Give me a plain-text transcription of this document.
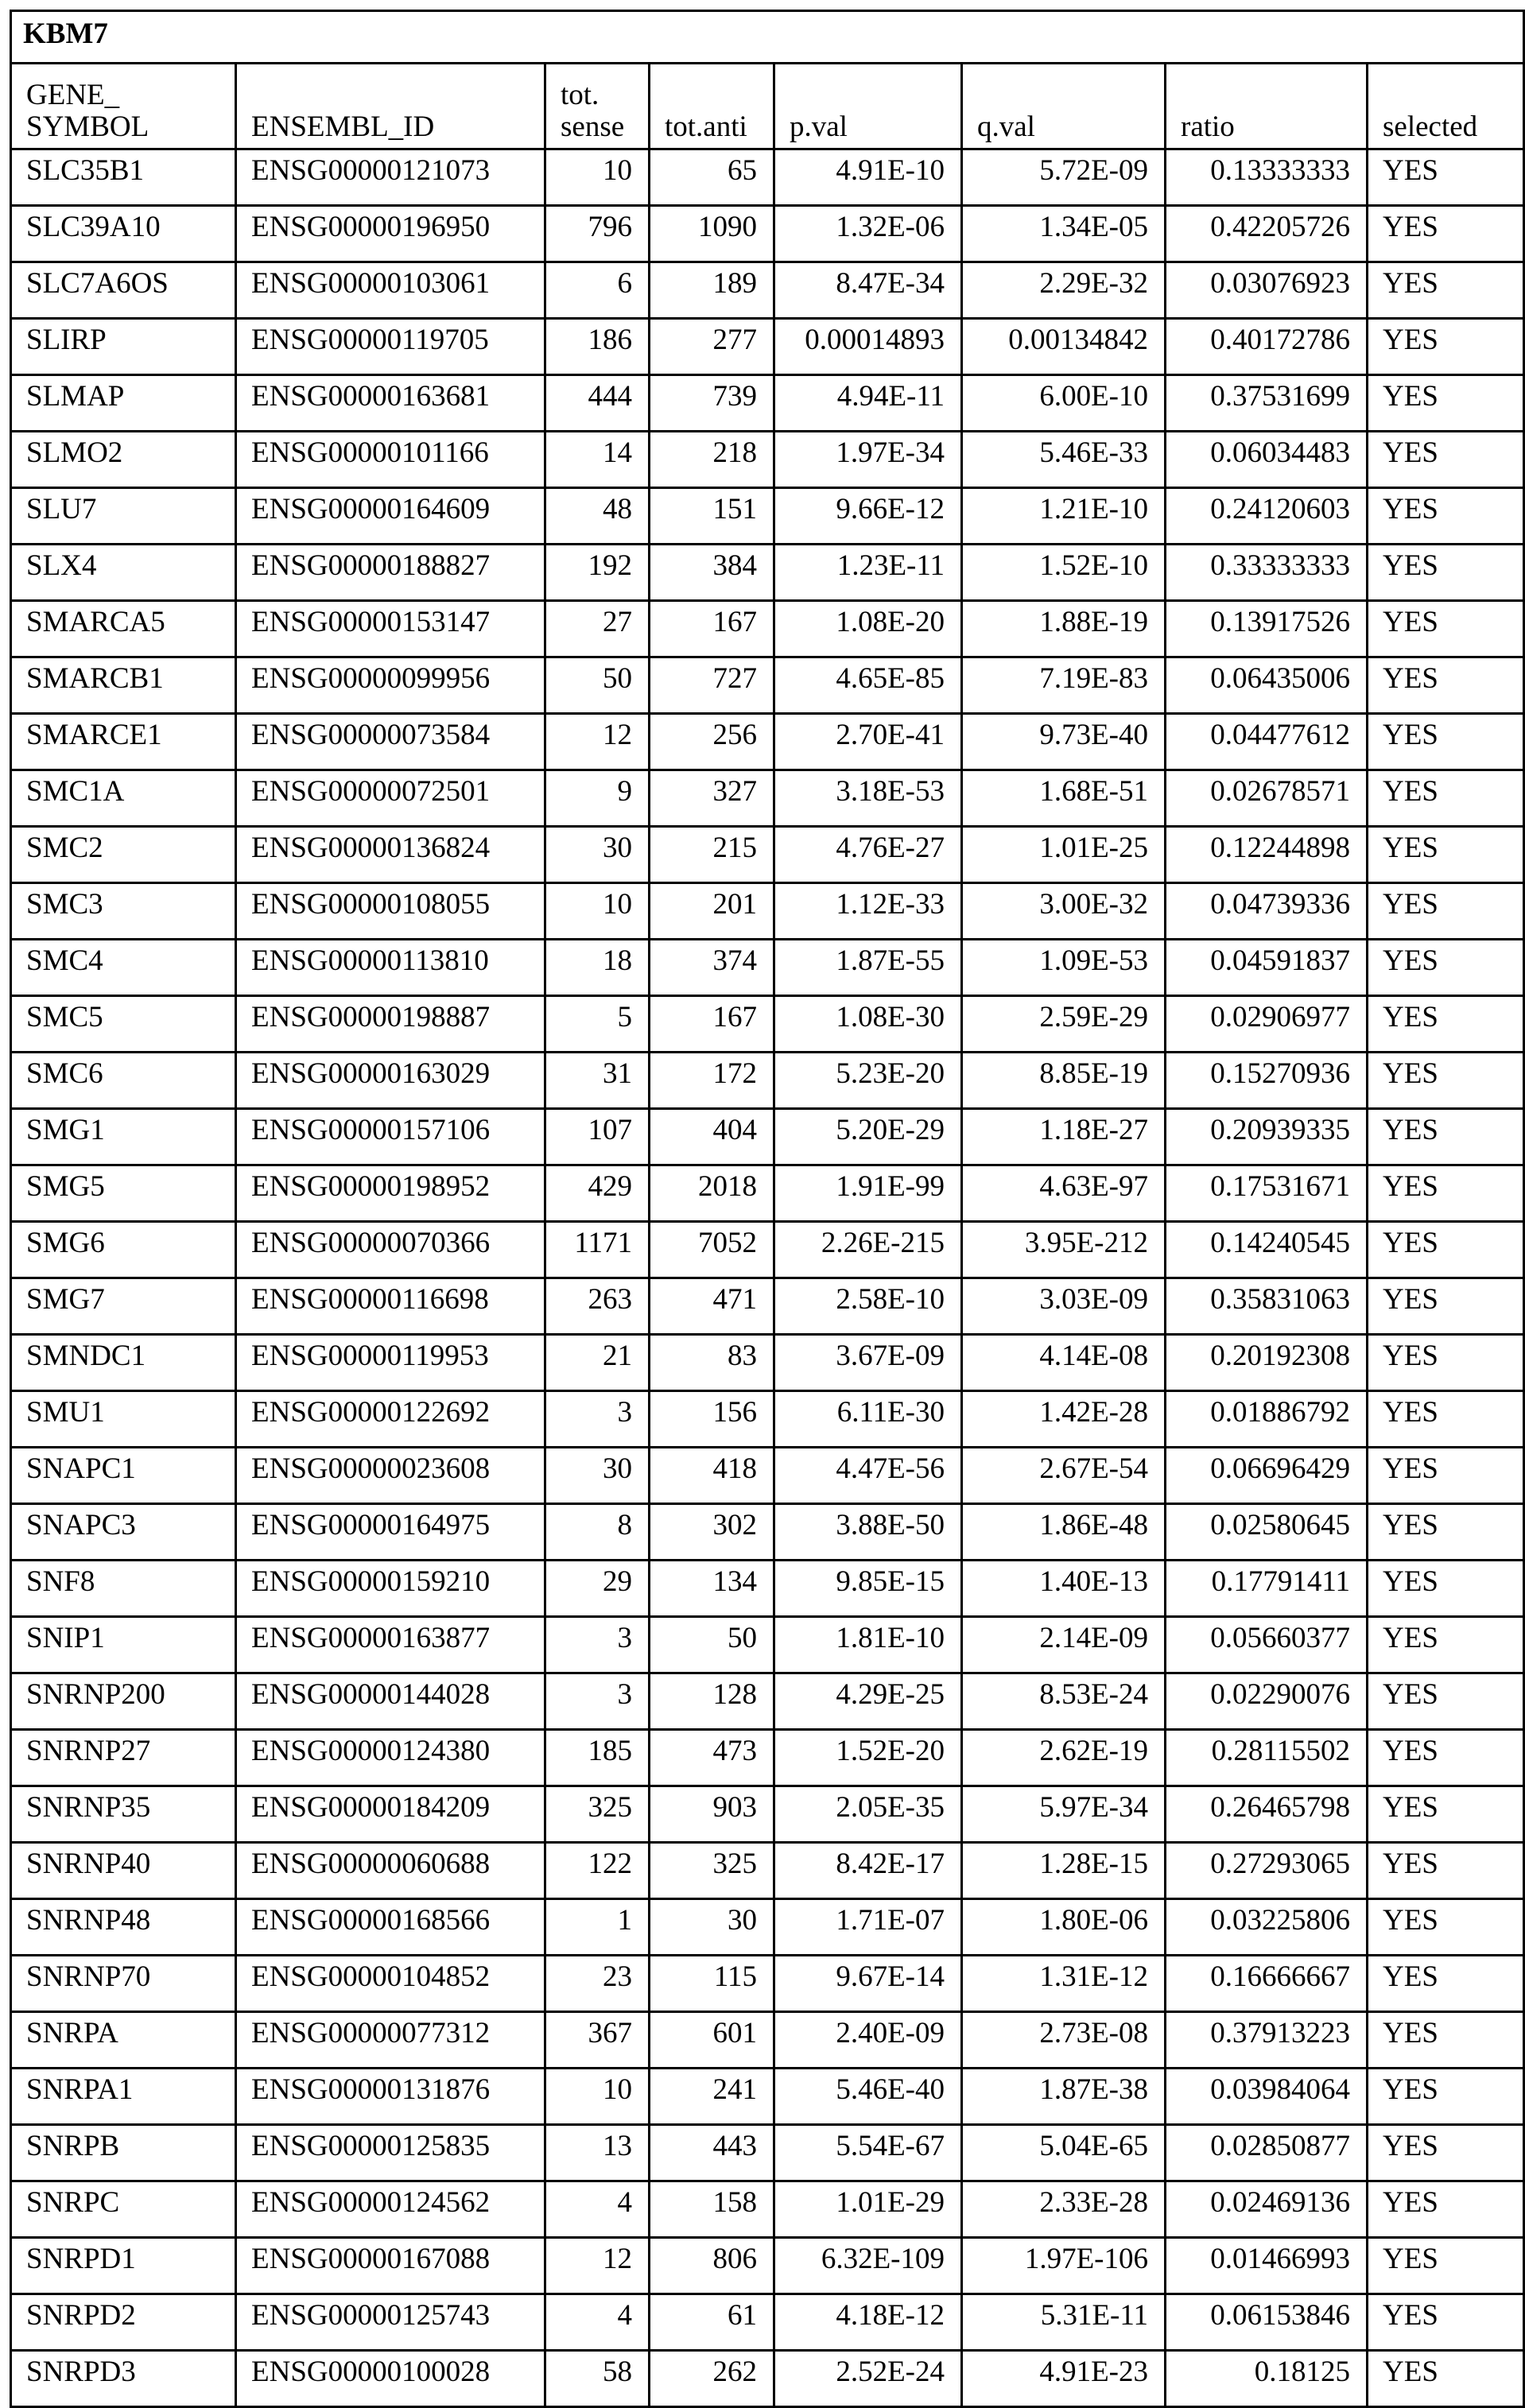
KBM7
GENE_ SYMBOL	ENSEMBL_ID	tot. sense	tot.anti	p.val	q.val	ratio	selected
SLC35B1	ENSG00000121073	10	65	4.91E-10	5.72E-09	0.13333333	YES
SLC39A10	ENSG00000196950	796	1090	1.32E-06	1.34E-05	0.42205726	YES
SLC7A6OS	ENSG00000103061	6	189	8.47E-34	2.29E-32	0.03076923	YES
SLIRP	ENSG00000119705	186	277	0.00014893	0.00134842	0.40172786	YES
SLMAP	ENSG00000163681	444	739	4.94E-11	6.00E-10	0.37531699	YES
SLMO2	ENSG00000101166	14	218	1.97E-34	5.46E-33	0.06034483	YES
SLU7	ENSG00000164609	48	151	9.66E-12	1.21E-10	0.24120603	YES
SLX4	ENSG00000188827	192	384	1.23E-11	1.52E-10	0.33333333	YES
SMARCA5	ENSG00000153147	27	167	1.08E-20	1.88E-19	0.13917526	YES
SMARCB1	ENSG00000099956	50	727	4.65E-85	7.19E-83	0.06435006	YES
SMARCE1	ENSG00000073584	12	256	2.70E-41	9.73E-40	0.04477612	YES
SMC1A	ENSG00000072501	9	327	3.18E-53	1.68E-51	0.02678571	YES
SMC2	ENSG00000136824	30	215	4.76E-27	1.01E-25	0.12244898	YES
SMC3	ENSG00000108055	10	201	1.12E-33	3.00E-32	0.04739336	YES
SMC4	ENSG00000113810	18	374	1.87E-55	1.09E-53	0.04591837	YES
SMC5	ENSG00000198887	5	167	1.08E-30	2.59E-29	0.02906977	YES
SMC6	ENSG00000163029	31	172	5.23E-20	8.85E-19	0.15270936	YES
SMG1	ENSG00000157106	107	404	5.20E-29	1.18E-27	0.20939335	YES
SMG5	ENSG00000198952	429	2018	1.91E-99	4.63E-97	0.17531671	YES
SMG6	ENSG00000070366	1171	7052	2.26E-215	3.95E-212	0.14240545	YES
SMG7	ENSG00000116698	263	471	2.58E-10	3.03E-09	0.35831063	YES
SMNDC1	ENSG00000119953	21	83	3.67E-09	4.14E-08	0.20192308	YES
SMU1	ENSG00000122692	3	156	6.11E-30	1.42E-28	0.01886792	YES
SNAPC1	ENSG00000023608	30	418	4.47E-56	2.67E-54	0.06696429	YES
SNAPC3	ENSG00000164975	8	302	3.88E-50	1.86E-48	0.02580645	YES
SNF8	ENSG00000159210	29	134	9.85E-15	1.40E-13	0.17791411	YES
SNIP1	ENSG00000163877	3	50	1.81E-10	2.14E-09	0.05660377	YES
SNRNP200	ENSG00000144028	3	128	4.29E-25	8.53E-24	0.02290076	YES
SNRNP27	ENSG00000124380	185	473	1.52E-20	2.62E-19	0.28115502	YES
SNRNP35	ENSG00000184209	325	903	2.05E-35	5.97E-34	0.26465798	YES
SNRNP40	ENSG00000060688	122	325	8.42E-17	1.28E-15	0.27293065	YES
SNRNP48	ENSG00000168566	1	30	1.71E-07	1.80E-06	0.03225806	YES
SNRNP70	ENSG00000104852	23	115	9.67E-14	1.31E-12	0.16666667	YES
SNRPA	ENSG00000077312	367	601	2.40E-09	2.73E-08	0.37913223	YES
SNRPA1	ENSG00000131876	10	241	5.46E-40	1.87E-38	0.03984064	YES
SNRPB	ENSG00000125835	13	443	5.54E-67	5.04E-65	0.02850877	YES
SNRPC	ENSG00000124562	4	158	1.01E-29	2.33E-28	0.02469136	YES
SNRPD1	ENSG00000167088	12	806	6.32E-109	1.97E-106	0.01466993	YES
SNRPD2	ENSG00000125743	4	61	4.18E-12	5.31E-11	0.06153846	YES
SNRPD3	ENSG00000100028	58	262	2.52E-24	4.91E-23	0.18125	YES
